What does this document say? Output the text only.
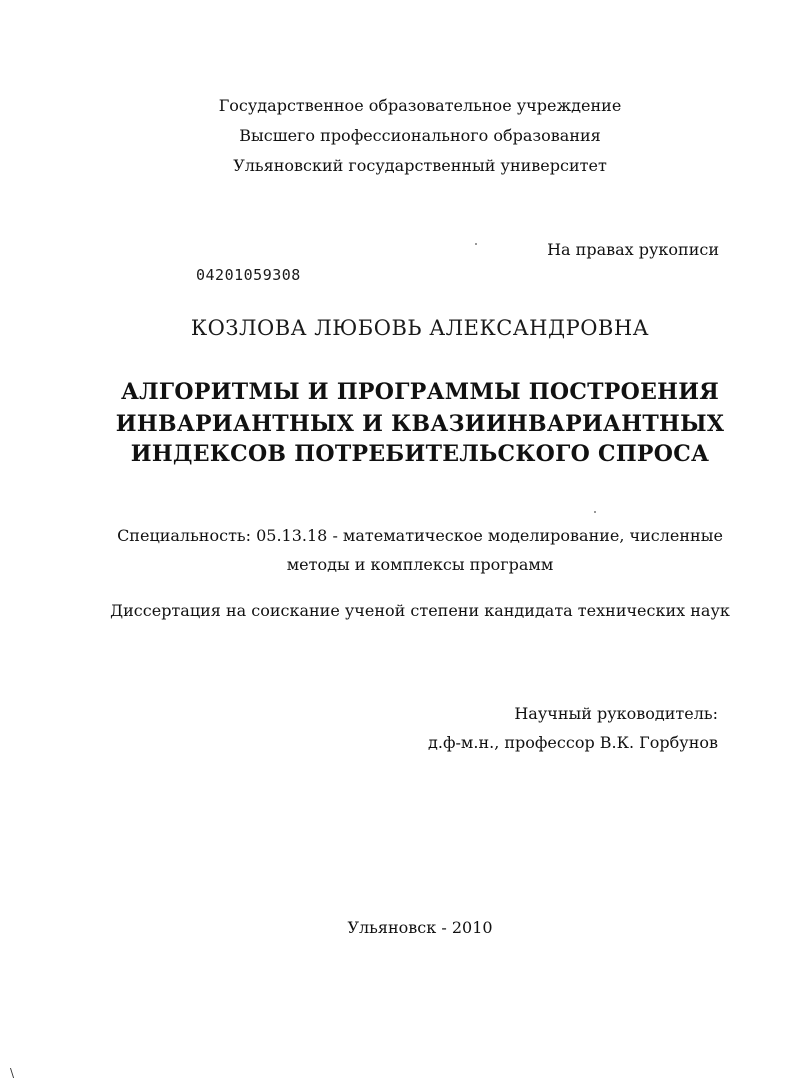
Государственное образовательное учреждение
Высшего профессионального образования
Ульяновский государственный университет
На правах рукописи
04201059308
КОЗЛОВА ЛЮБОВЬ АЛЕКСАНДРОВНА
АЛГОРИТМЫ И ПРОГРАММЫ ПОСТРОЕНИЯ
ИНВАРИАНТНЫХ И КВАЗИИНВАРИАНТНЫХ
ИНДЕКСОВ ПОТРЕБИТЕЛЬСКОГО СПРОСА
Специальность: 05.13.18 - математическое моделирование, численные
методы и комплексы программ
Диссертация на соискание ученой степени кандидата технических наук
Научный руководитель:
д.ф-м.н., профессор В.К. Горбунов
Ульяновск - 2010
\
